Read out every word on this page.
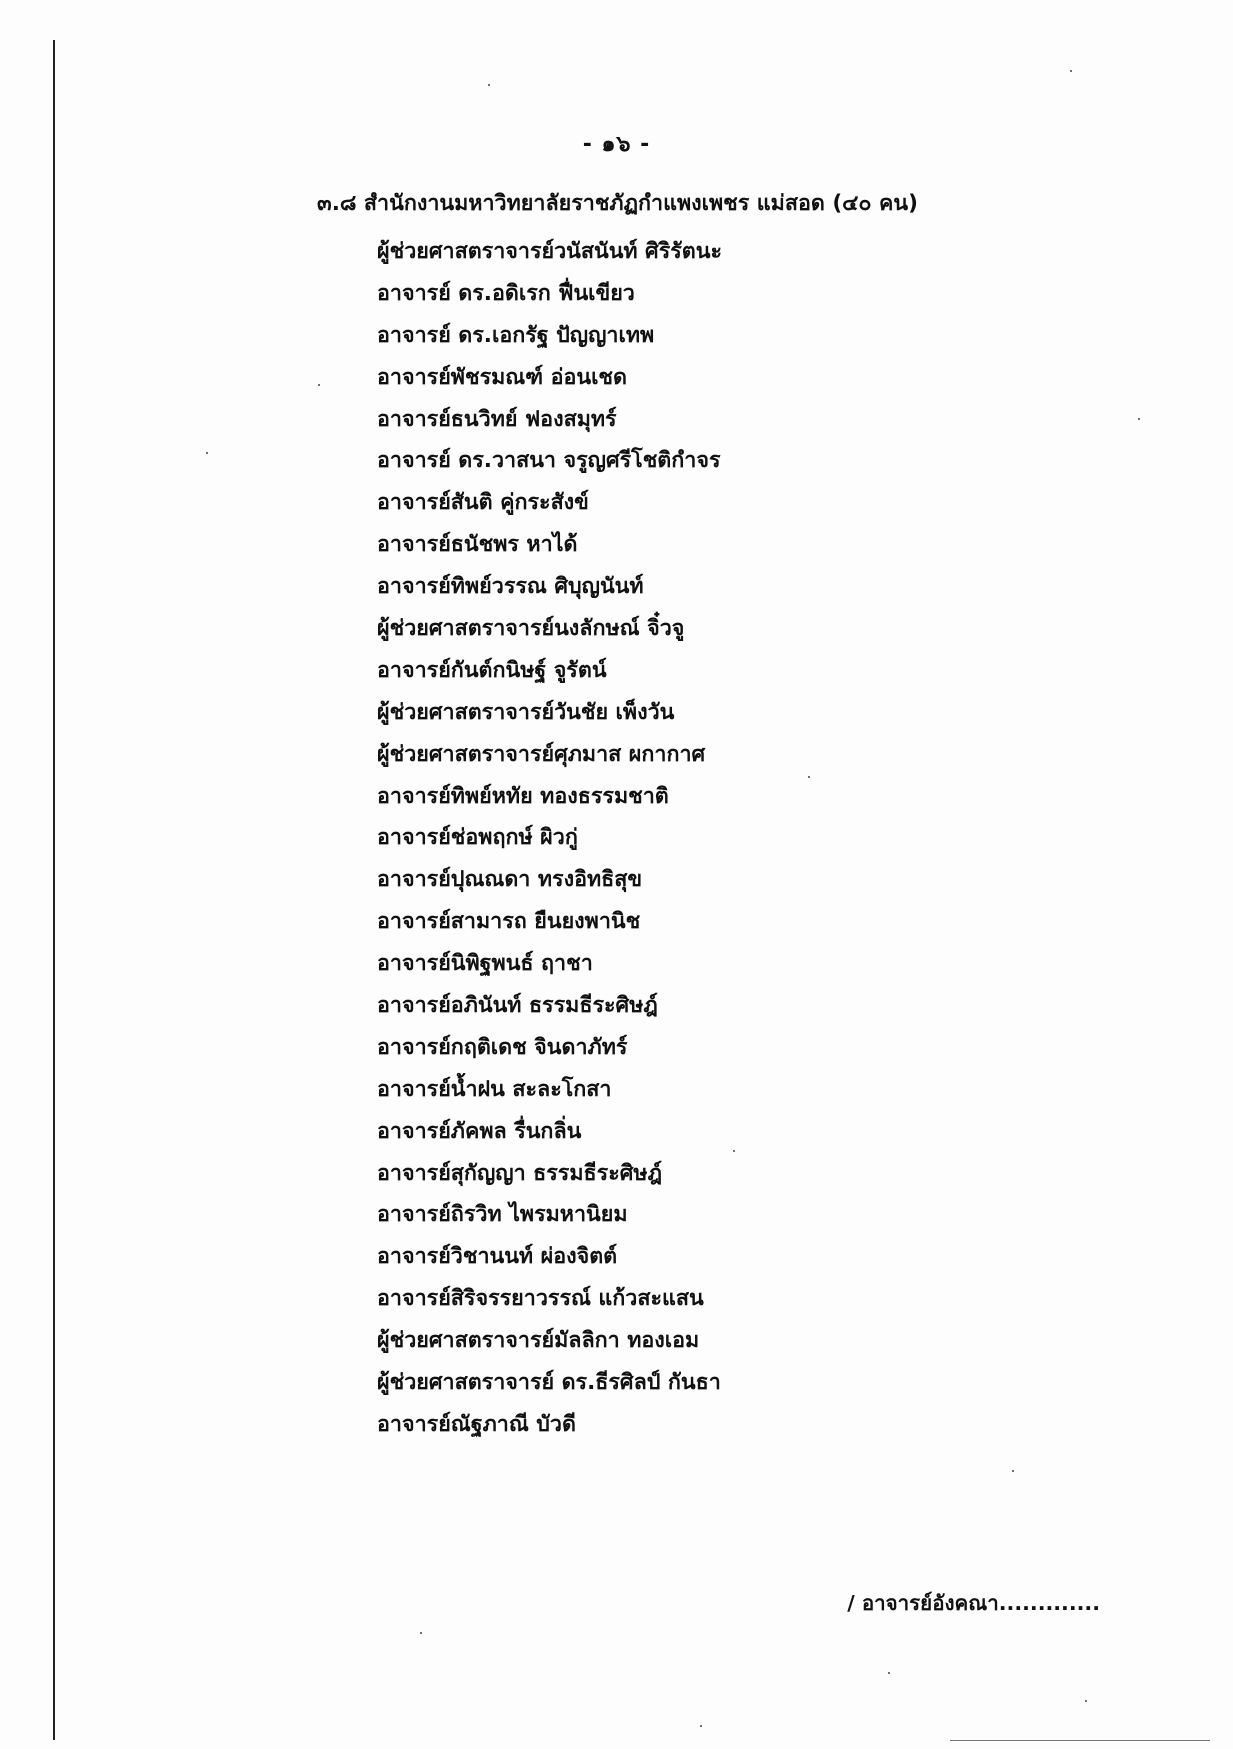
- ๑๖ -
๓.๘ สำนักงานมหาวิทยาลัยราชภัฏกำแพงเพชร แม่สอด (๔๐ คน)
ผู้ช่วยศาสตราจารย์วนัสนันท์ ศิริรัตนะ
อาจารย์ ดร.อดิเรก ฟื่นเขียว
อาจารย์ ดร.เอกรัฐ ปัญญาเทพ
อาจารย์พัชรมณฑ์ อ่อนเชด
อาจารย์ธนวิทย์ ฟองสมุทร์
อาจารย์ ดร.วาสนา จรูญศรีโชติกำจร
อาจารย์สันติ คู่กระสังข์
อาจารย์ธนัชพร หาได้
อาจารย์ทิพย์วรรณ ศิบุญนันท์
ผู้ช่วยศาสตราจารย์นงลักษณ์ จิ๋วจู
อาจารย์กันต์กนิษฐ์ จูรัตน์
ผู้ช่วยศาสตราจารย์วันชัย เพ็งวัน
ผู้ช่วยศาสตราจารย์ศุภมาส ผกากาศ
อาจารย์ทิพย์หทัย ทองธรรมชาติ
อาจารย์ช่อพฤกษ์ ผิวกู่
อาจารย์ปุณณดา ทรงอิทธิสุข
อาจารย์สามารถ ยืนยงพานิช
อาจารย์นิพิฐพนธ์ ฤาชา
อาจารย์อภินันท์ ธรรมธีระศิษฎ์
อาจารย์กฤติเดช จินดาภัทร์
อาจารย์น้ำฝน สะละโกสา
อาจารย์ภัคพล รื่นกลิ่น
อาจารย์สุกัญญา ธรรมธีระศิษฎ์
อาจารย์ถิรวิท ไพรมหานิยม
อาจารย์วิชานนท์ ผ่องจิตต์
อาจารย์สิริจรรยาวรรณ์ แก้วสะแสน
ผู้ช่วยศาสตราจารย์มัลลิกา ทองเอม
ผู้ช่วยศาสตราจารย์ ดร.ธีรศิลป์ กันธา
อาจารย์ณัฐภาณี บัวดี
/ อาจารย์อังคณา.............
